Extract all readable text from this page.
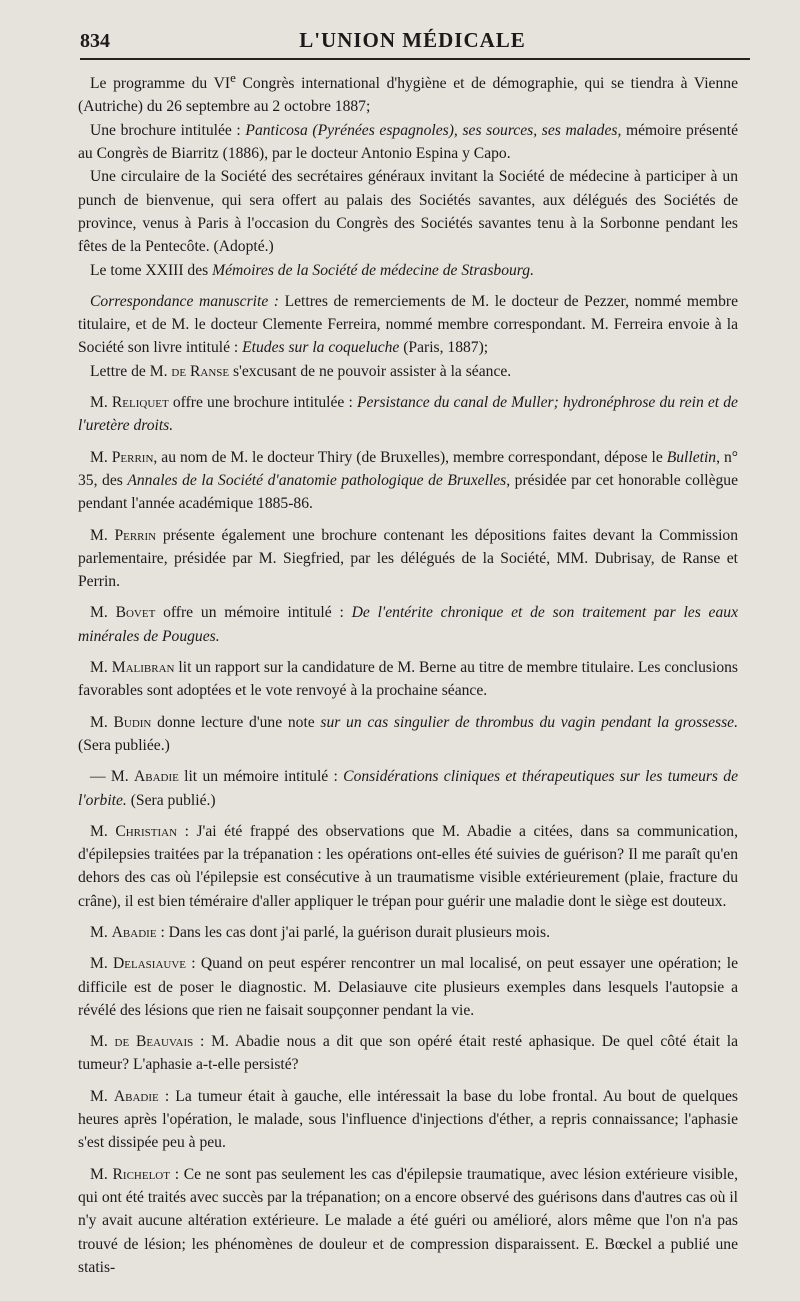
834	L'UNION MÉDICALE

Le programme du VIe Congrès international d'hygiène et de démographie, qui se tiendra à Vienne (Autriche) du 26 septembre au 2 octobre 1887;

Une brochure intitulée : Panticosa (Pyrénées espagnoles), ses sources, ses malades, mémoire présenté au Congrès de Biarritz (1886), par le docteur Antonio Espina y Capo.

Une circulaire de la Société des secrétaires généraux invitant la Société de médecine à participer à un punch de bienvenue, qui sera offert au palais des Sociétés savantes, aux délégués des Sociétés de province, venus à Paris à l'occasion du Congrès des Sociétés savantes tenu à la Sorbonne pendant les fêtes de la Pentecôte. (Adopté.)

Le tome XXIII des Mémoires de la Société de médecine de Strasbourg.

Correspondance manuscrite : Lettres de remerciements de M. le docteur de Pezzer, nommé membre titulaire, et de M. le docteur Clemente Ferreira, nommé membre correspondant. M. Ferreira envoie à la Société son livre intitulé : Etudes sur la coqueluche (Paris, 1887);

Lettre de M. de Ranse s'excusant de ne pouvoir assister à la séance.

M. Reliquet offre une brochure intitulée : Persistance du canal de Muller; hydronéphrose du rein et de l'uretère droits.

M. Perrin, au nom de M. le docteur Thiry (de Bruxelles), membre correspondant, dépose le Bulletin, n° 35, des Annales de la Société d'anatomie pathologique de Bruxelles, présidée par cet honorable collègue pendant l'année académique 1885-86.

M. Perrin présente également une brochure contenant les dépositions faites devant la Commission parlementaire, présidée par M. Siegfried, par les délégués de la Société, MM. Dubrisay, de Ranse et Perrin.

M. Bovet offre un mémoire intitulé : De l'entérite chronique et de son traitement par les eaux minérales de Pougues.

M. Malibran lit un rapport sur la candidature de M. Berne au titre de membre titulaire. Les conclusions favorables sont adoptées et le vote renvoyé à la prochaine séance.

M. Budin donne lecture d'une note sur un cas singulier de thrombus du vagin pendant la grossesse. (Sera publiée.)

— M. Abadie lit un mémoire intitulé : Considérations cliniques et thérapeutiques sur les tumeurs de l'orbite. (Sera publié.)

M. Christian : J'ai été frappé des observations que M. Abadie a citées, dans sa communication, d'épilepsies traitées par la trépanation : les opérations ont-elles été suivies de guérison? Il me paraît qu'en dehors des cas où l'épilepsie est consécutive à un traumatisme visible extérieurement (plaie, fracture du crâne), il est bien téméraire d'aller appliquer le trépan pour guérir une maladie dont le siège est douteux.

M. Abadie : Dans les cas dont j'ai parlé, la guérison durait plusieurs mois.

M. Delasiauve : Quand on peut espérer rencontrer un mal localisé, on peut essayer une opération; le difficile est de poser le diagnostic. M. Delasiauve cite plusieurs exemples dans lesquels l'autopsie a révélé des lésions que rien ne faisait soupçonner pendant la vie.

M. de Beauvais : M. Abadie nous a dit que son opéré était resté aphasique. De quel côté était la tumeur? L'aphasie a-t-elle persisté?

M. Abadie : La tumeur était à gauche, elle intéressait la base du lobe frontal. Au bout de quelques heures après l'opération, le malade, sous l'influence d'injections d'éther, a repris connaissance; l'aphasie s'est dissipée peu à peu.

M. Richelot : Ce ne sont pas seulement les cas d'épilepsie traumatique, avec lésion extérieure visible, qui ont été traités avec succès par la trépanation; on a encore observé des guérisons dans d'autres cas où il n'y avait aucune altération extérieure. Le malade a été guéri ou amélioré, alors même que l'on n'a pas trouvé de lésion; les phénomènes de douleur et de compression disparaissent. E. Bœckel a publié une statis-
